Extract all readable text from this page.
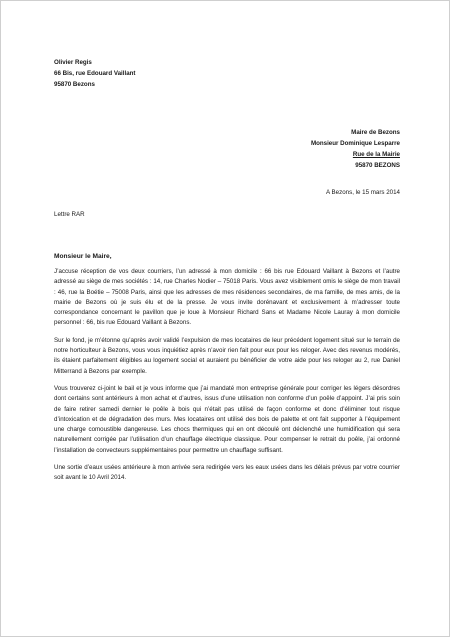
Olivier Regis
66 Bis, rue Edouard Vaillant
95870 Bezons
Maire de Bezons
Monsieur Dominique Lesparre
Rue de la Mairie
95870 BEZONS
A Bezons, le 15 mars 2014
Lettre RAR
Monsieur le Maire,

J’accuse réception de vos deux courriers, l’un adressé à mon domicile : 66 bis rue Edouard Vaillant à Bezons et l’autre adressé au siège de mes sociétés : 14, rue Charles Nodier – 75018 Paris. Vous avez visiblement omis le siège de mon travail : 46, rue la Boétie – 75008 Paris, ainsi que les adresses de mes résidences secondaires, de ma famille, de mes amis, de la mairie de Bezons où je suis élu et de la presse. Je vous invite dorénavant et exclusivement à m’adresser toute correspondance concernant le pavillon que je loue à Monsieur Richard Sans et Madame Nicole Lauray à mon domicile personnel : 66, bis rue Edouard Vaillant à Bezons.

Sur le fond, je m’étonne qu’après avoir validé l’expulsion de mes locataires de leur précédent logement situé sur le terrain de notre horticulteur à Bezons, vous vous inquiétiez après n’avoir rien fait pour eux pour les reloger. Avec des revenus modérés, ils étaient parfaitement éligibles au logement social et auraient pu bénéficier de votre aide pour les reloger au 2, rue Daniel Mitterrand à Bezons par exemple.

Vous trouverez ci-joint le bail et je vous informe que j’ai mandaté mon entreprise générale pour corriger les légers désordres dont certains sont antérieurs à mon achat et d’autres, issus d’une utilisation non conforme d’un poêle d’appoint. J’ai pris soin de faire retirer samedi dernier le poêle à bois qui n’était pas utilisé de façon conforme et donc d’éliminer tout risque d’intoxication et de dégradation des murs. Mes locataires ont utilisé des bois de palette et ont fait supporter à l’équipement une charge comoustible dangereuse. Les chocs thermiques qui en ont découlé ont déclenché une humidification qui sera naturellement corrigée par l’utilisation d’un chauffage électrique classique. Pour compenser le retrait du poêle, j’ai ordonné l’installation de convecteurs supplémentaires pour permettre un chauffage suffisant.

Une sortie d’eaux usées antérieure à mon arrivée sera redirigée vers les eaux usées dans les délais prévus par votre courrier soit avant le 10 Avril 2014.
